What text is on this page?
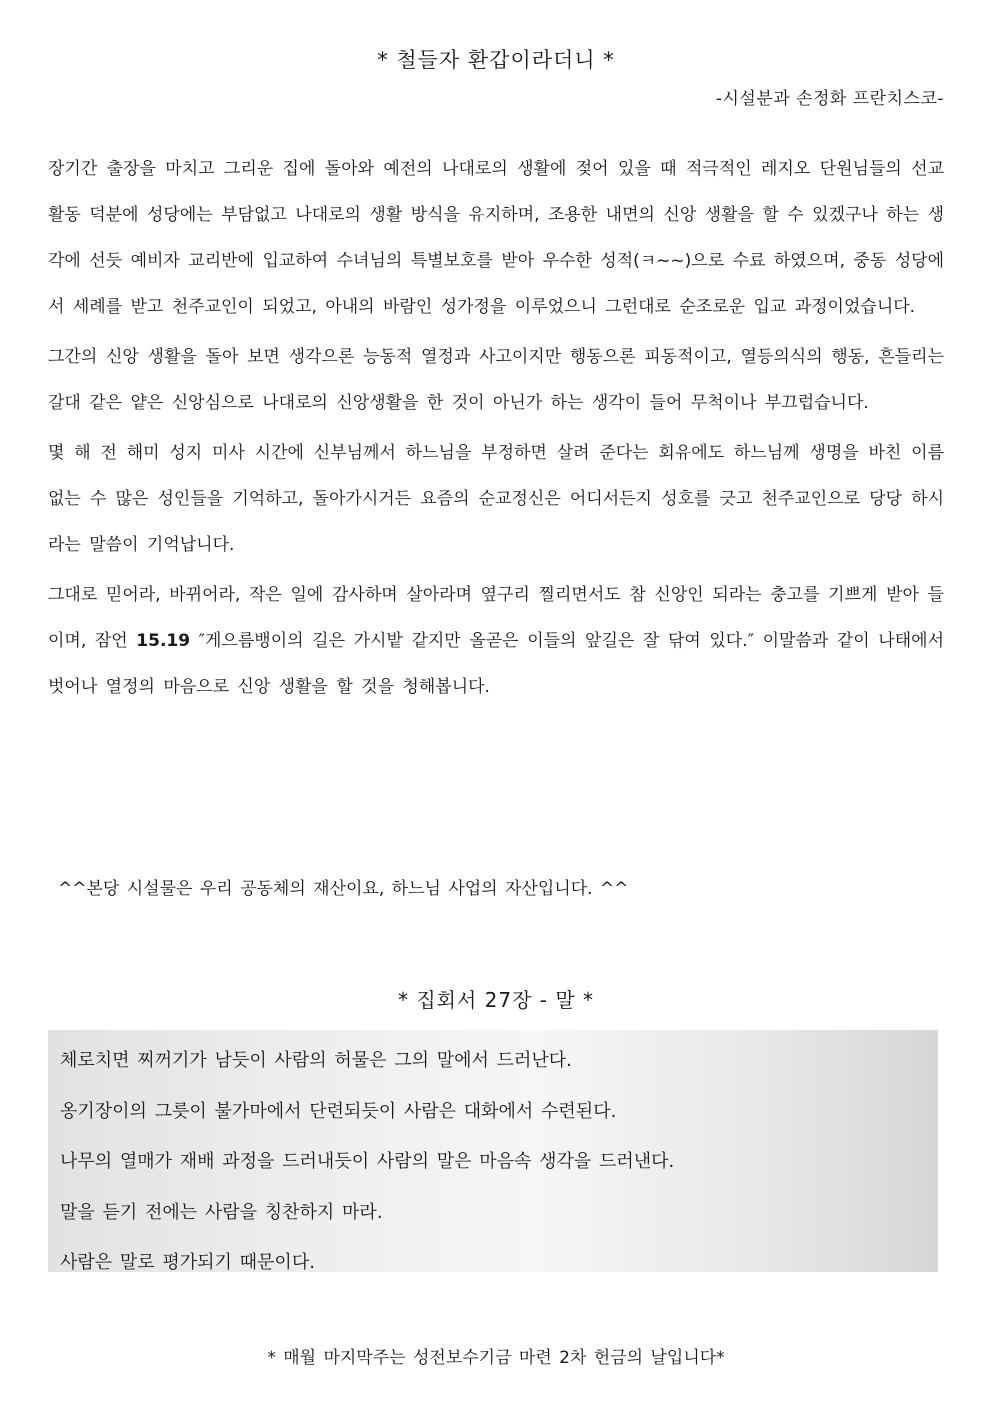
* 철들자 환갑이라더니 *
-시설분과 손정화 프란치스코-

장기간 출장을 마치고 그리운 집에 돌아와 예전의 나대로의 생활에 젖어 있을 때 적극적인 레지오 단원님들의 선교 활동 덕분에 성당에는 부담없고 나대로의 생활 방식을 유지하며, 조용한 내면의 신앙 생활을 할 수 있겠구나 하는 생각에 선듯 예비자 교리반에 입교하여 수녀님의 특별보호를 받아 우수한 성적(ㅋ~~)으로 수료 하였으며, 중동 성당에서 세례를 받고 천주교인이 되었고, 아내의 바람인 성가정을 이루었으니 그런대로 순조로운 입교 과정이었습니다.

그간의 신앙 생활을 돌아 보면 생각으론 능동적 열정과 사고이지만 행동으론 피동적이고, 열등의식의 행동, 흔들리는 갈대 같은 얕은 신앙심으로 나대로의 신앙생활을 한 것이 아닌가 하는 생각이 들어 무척이나 부끄럽습니다.

몇 해 전 해미 성지 미사 시간에 신부님께서 하느님을 부정하면 살려 준다는 회유에도 하느님께 생명을 바친 이름 없는 수 많은 성인들을 기억하고, 돌아가시거든 요즘의 순교정신은 어디서든지 성호를 긋고 천주교인으로 당당 하시라는 말씀이 기억납니다.

그대로 믿어라, 바뀌어라, 작은 일에 감사하며 살아라며 옆구리 찔리면서도 참 신앙인 되라는 충고를 기쁘게 받아 들이며, 잠언 15.19 ″게으름뱅이의 길은 가시밭 같지만 올곧은 이들의 앞길은 잘 닦여 있다.″ 이말씀과 같이 나태에서 벗어나 열정의 마음으로 신앙 생활을 할 것을 청해봅니다.

^^본당 시설물은 우리 공동체의 재산이요, 하느님 사업의 자산입니다. ^^
* 집회서 27장 - 말 *
체로치면 찌꺼기가 남듯이 사람의 허물은 그의 말에서 드러난다.
옹기장이의 그릇이 불가마에서 단련되듯이 사람은 대화에서 수련된다.
나무의 열매가 재배 과정을 드러내듯이 사람의 말은 마음속 생각을 드러낸다.
말을 듣기 전에는 사람을 칭찬하지 마라.
사람은 말로 평가되기 때문이다.
* 매월 마지막주는 성전보수기금 마련 2차 헌금의 날입니다*
